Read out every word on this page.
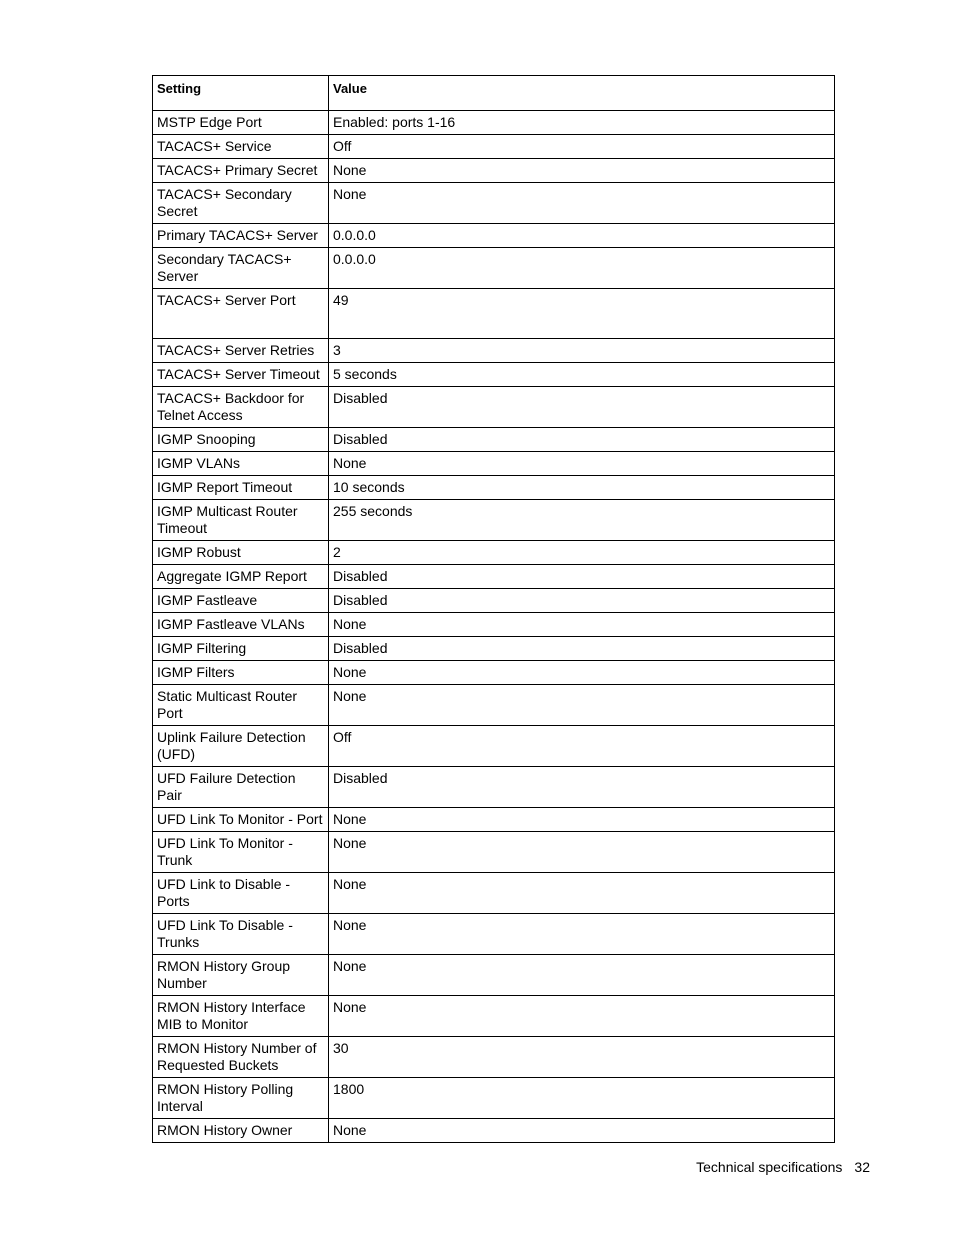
Setting	Value
MSTP Edge Port	Enabled: ports 1-16
TACACS+ Service	Off
TACACS+ Primary Secret	None
TACACS+ Secondary Secret	None
Primary TACACS+ Server	0.0.0.0
Secondary TACACS+ Server	0.0.0.0
TACACS+ Server Port	49
TACACS+ Server Retries	3
TACACS+ Server Timeout	5 seconds
TACACS+ Backdoor for Telnet Access	Disabled
IGMP Snooping	Disabled
IGMP VLANs	None
IGMP Report Timeout	10 seconds
IGMP Multicast Router Timeout	255 seconds
IGMP Robust	2
Aggregate IGMP Report	Disabled
IGMP Fastleave	Disabled
IGMP Fastleave VLANs	None
IGMP Filtering	Disabled
IGMP Filters	None
Static Multicast Router Port	None
Uplink Failure Detection (UFD)	Off
UFD Failure Detection Pair	Disabled
UFD Link To Monitor - Port	None
UFD Link To Monitor - Trunk	None
UFD Link to Disable - Ports	None
UFD Link To Disable - Trunks	None
RMON History Group Number	None
RMON History Interface MIB to Monitor	None
RMON History Number of Requested Buckets	30
RMON History Polling Interval	1800
RMON History Owner	None
Technical specifications 32
